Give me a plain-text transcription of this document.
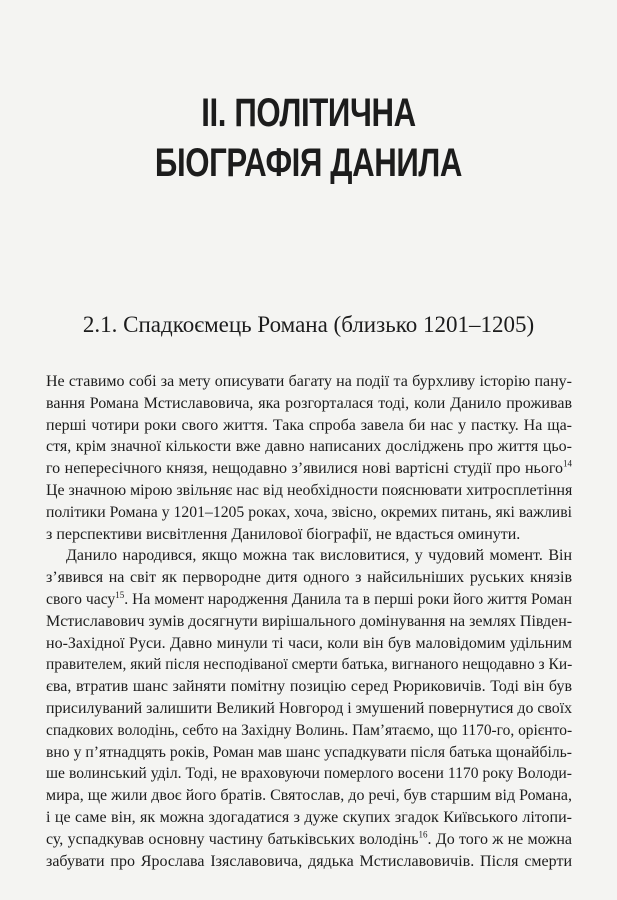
ІІ. ПОЛІТИЧНА
БІОГРАФІЯ ДАНИЛА
2.1. Спадкоємець Романа (близько 1201–1205)
Не ставимо собі за мету описувати багату на події та бурхливу історію пану-
вання Романа Мстиславовича, яка розгорталася тоді, коли Данило проживав
перші чотири роки свого життя. Така спроба завела би нас у пастку. На ща-
стя, крім значної кількости вже давно написаних досліджень про життя цьо-
го непересічного князя, нещодавно з’явилися нові вартісні студії про нього$^{14}$
Це значною мірою звільняє нас від необхідности пояснювати хитросплетіння
політики Романа у 1201–1205 роках, хоча, звісно, окремих питань, які важливі
з перспективи висвітлення Данилової біографії, не вдасться оминути.
Данило народився, якщо можна так висловитися, у чудовий момент. Він
з’явився на світ як первородне дитя одного з найсильніших руських князів
свого часу$^{15}$. На момент народження Данила та в перші роки його життя Роман
Мстиславович зумів досягнути вирішального домінування на землях Півден-
но-Західної Руси. Давно минули ті часи, коли він був маловідомим удільним
правителем, який після несподіваної смерти батька, вигнаного нещодавно з Ки-
єва, втратив шанс зайняти помітну позицію серед Рюриковичів. Тоді він був
присилуваний залишити Великий Новгород і змушений повернутися до своїх
спадкових володінь, себто на Західну Волинь. Пам’ятаємо, що 1170-го, орієнто-
вно у п’ятнадцять років, Роман мав шанс успадкувати після батька щонайбіль-
ше волинський уділ. Тоді, не враховуючи померлого восени 1170 року Володи-
мира, ще жили двоє його братів. Святослав, до речі, був старшим від Романа,
і це саме він, як можна здогадатися з дуже скупих згадок Київського літопи-
су, успадкував основну частину батьківських володінь$^{16}$. До того ж не можна
забувати про Ярослава Ізяславовича, дядька Мстиславовичів. Після смерти
